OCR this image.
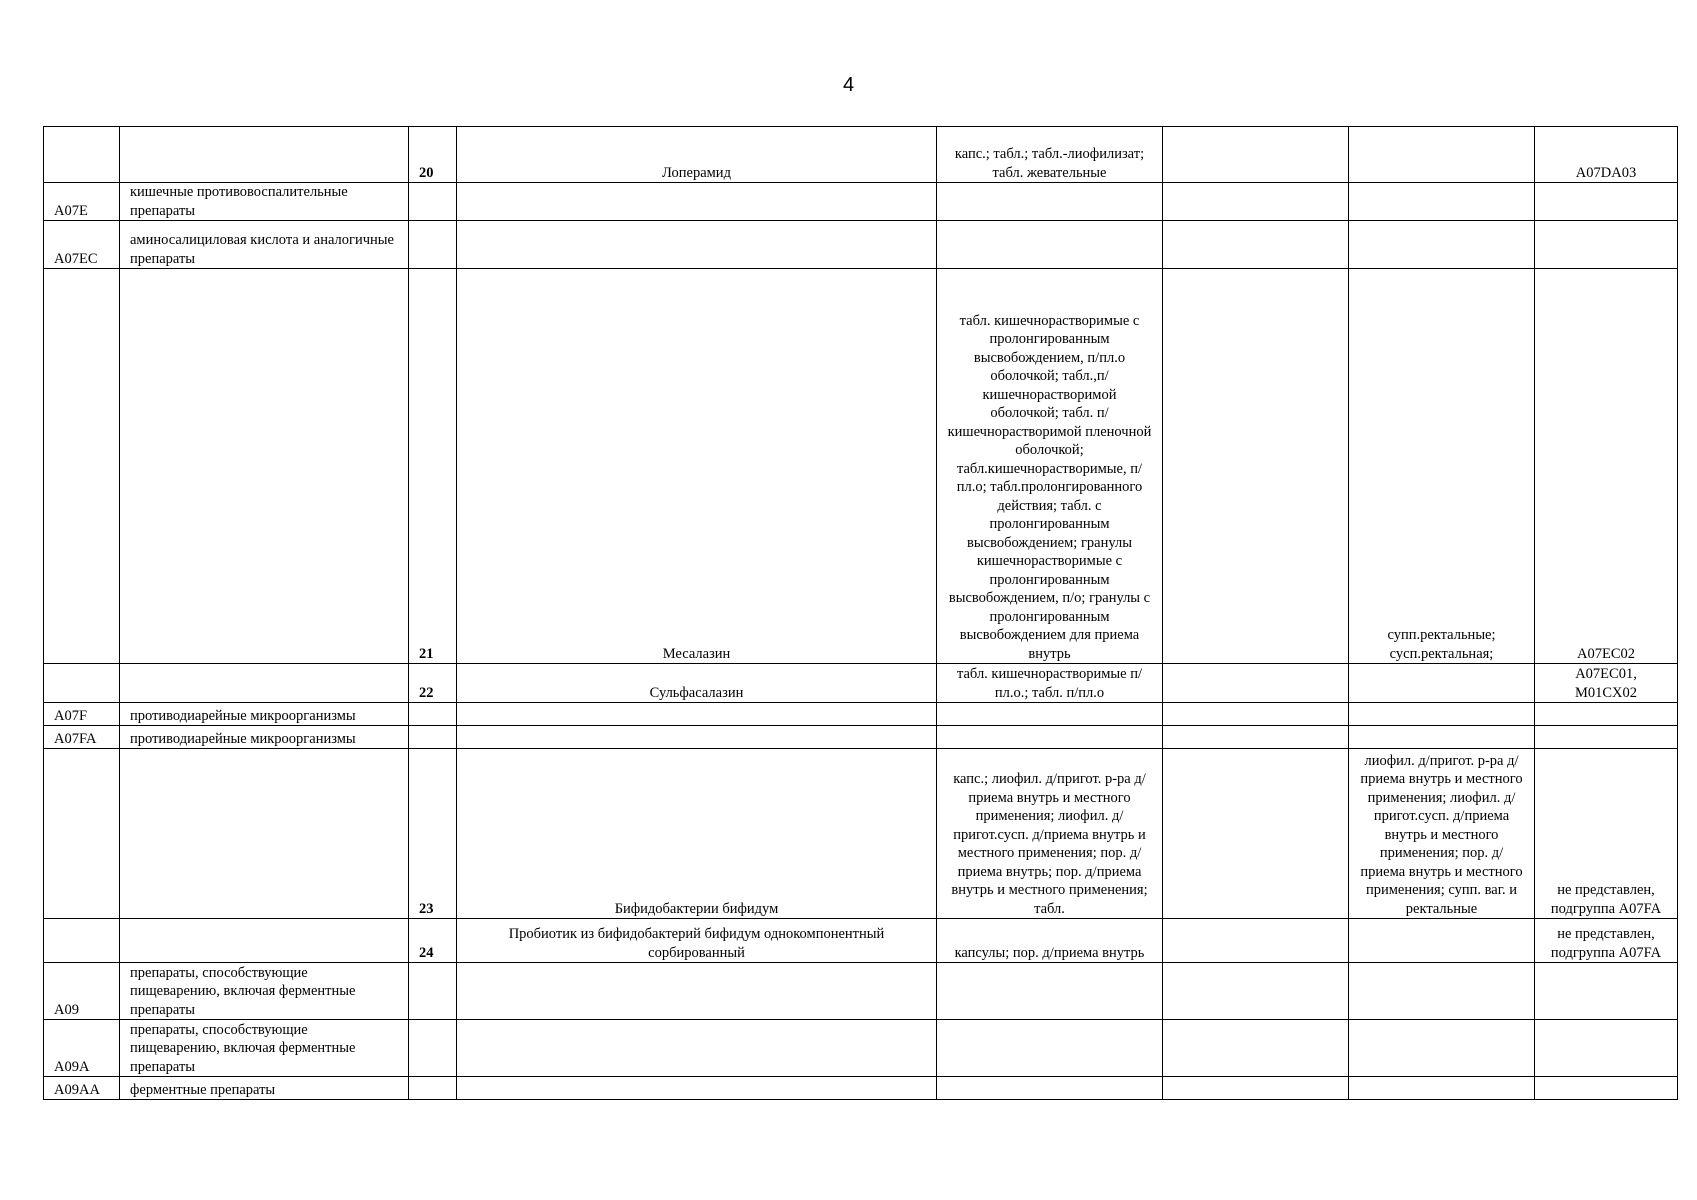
4
		20	Лоперамид	капс.; табл.; табл.-лиофилизат; табл. жевательные			A07DA03
A07E	кишечные противовоспалительные препараты						
A07EC	аминосалициловая кислота и аналогичные препараты						
		21	Месалазин	табл. кишечнорастворимые с пролонгированным высвобождением, п/пл.о оболочкой; табл.,п/кишечнорастворимой оболочкой; табл. п/кишечнорастворимой пленочной оболочкой; табл.кишечнорастворимые, п/пл.о; табл.пролонгированного действия; табл. с пролонгированным высвобождением; гранулы кишечнорастворимые с пролонгированным высвобождением, п/о; гранулы с пролонгированным высвобождением для приема внутрь		супп.ректальные; сусп.ректальная;	A07EC02
		22	Сульфасалазин	табл. кишечнорастворимые п/пл.о.; табл. п/пл.о			A07EC01, M01CX02
A07F	противодиарейные микроорганизмы						
A07FA	противодиарейные микроорганизмы						
		23	Бифидобактерии бифидум	капс.; лиофил. д/пригот. р-ра д/приема внутрь и местного применения; лиофил. д/пригот.сусп. д/приема внутрь и местного применения; пор. д/приема внутрь; пор. д/приема внутрь и местного применения; табл.		лиофил. д/пригот. р-ра д/приема внутрь и местного применения; лиофил. д/пригот.сусп. д/приема внутрь и местного применения; пор. д/приема внутрь и местного применения; супп. ваг. и ректальные	не представлен, подгруппа A07FA
		24	Пробиотик из бифидобактерий бифидум однокомпонентный сорбированный	капсулы; пор. д/приема внутрь			не представлен, подгруппа A07FA
A09	препараты, способствующие пищеварению, включая ферментные препараты						
A09A	препараты, способствующие пищеварению, включая ферментные препараты						
A09AA	ферментные препараты						
